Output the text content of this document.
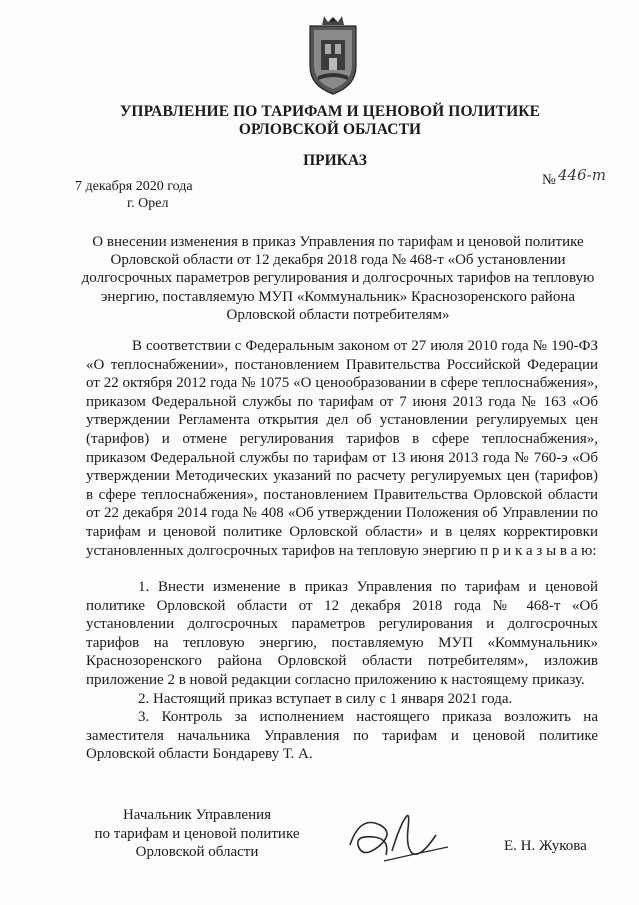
УПРАВЛЕНИЕ ПО ТАРИФАМ И ЦЕНОВОЙ ПОЛИТИКЕ
ОРЛОВСКОЙ ОБЛАСТИ
ПРИКАЗ
7 декабря 2020 года
г. Орел
№ 446-т
О внесении изменения в приказ Управления по тарифам и ценовой политике Орловской области от 12 декабря 2018 года № 468-т «Об установлении долгосрочных параметров регулирования и долгосрочных тарифов на тепловую энергию, поставляемую МУП «Коммунальник» Краснозоренского района Орловской области потребителям»
В соответствии с Федеральным законом от 27 июля 2010 года № 190-ФЗ «О теплоснабжении», постановлением Правительства Российской Федерации от 22 октября 2012 года № 1075 «О ценообразовании в сфере теплоснабжения», приказом Федеральной службы по тарифам от 7 июня 2013 года № 163 «Об утверждении Регламента открытия дел об установлении регулируемых цен (тарифов) и отмене регулирования тарифов в сфере теплоснабжения», приказом Федеральной службы по тарифам от 13 июня 2013 года № 760-э «Об утверждении Методических указаний по расчету регулируемых цен (тарифов) в сфере теплоснабжения», постановлением Правительства Орловской области от 22 декабря 2014 года № 408 «Об утверждении Положения об Управлении по тарифам и ценовой политике Орловской области» и в целях корректировки установленных долгосрочных тарифов на тепловую энергию п р и к а з ы в а ю:

1. Внести изменение в приказ Управления по тарифам и ценовой политике Орловской области от 12 декабря 2018 года № 468-т «Об установлении долгосрочных параметров регулирования и долгосрочных тарифов на тепловую энергию, поставляемую МУП «Коммунальник» Краснозоренского района Орловской области потребителям», изложив приложение 2 в новой редакции согласно приложению к настоящему приказу.

2. Настоящий приказ вступает в силу с 1 января 2021 года.

3. Контроль за исполнением настоящего приказа возложить на заместителя начальника Управления по тарифам и ценовой политике Орловской области Бондареву Т. А.

Начальник Управления
по тарифам и ценовой политике
Орловской области	Е. Н. Жукова
